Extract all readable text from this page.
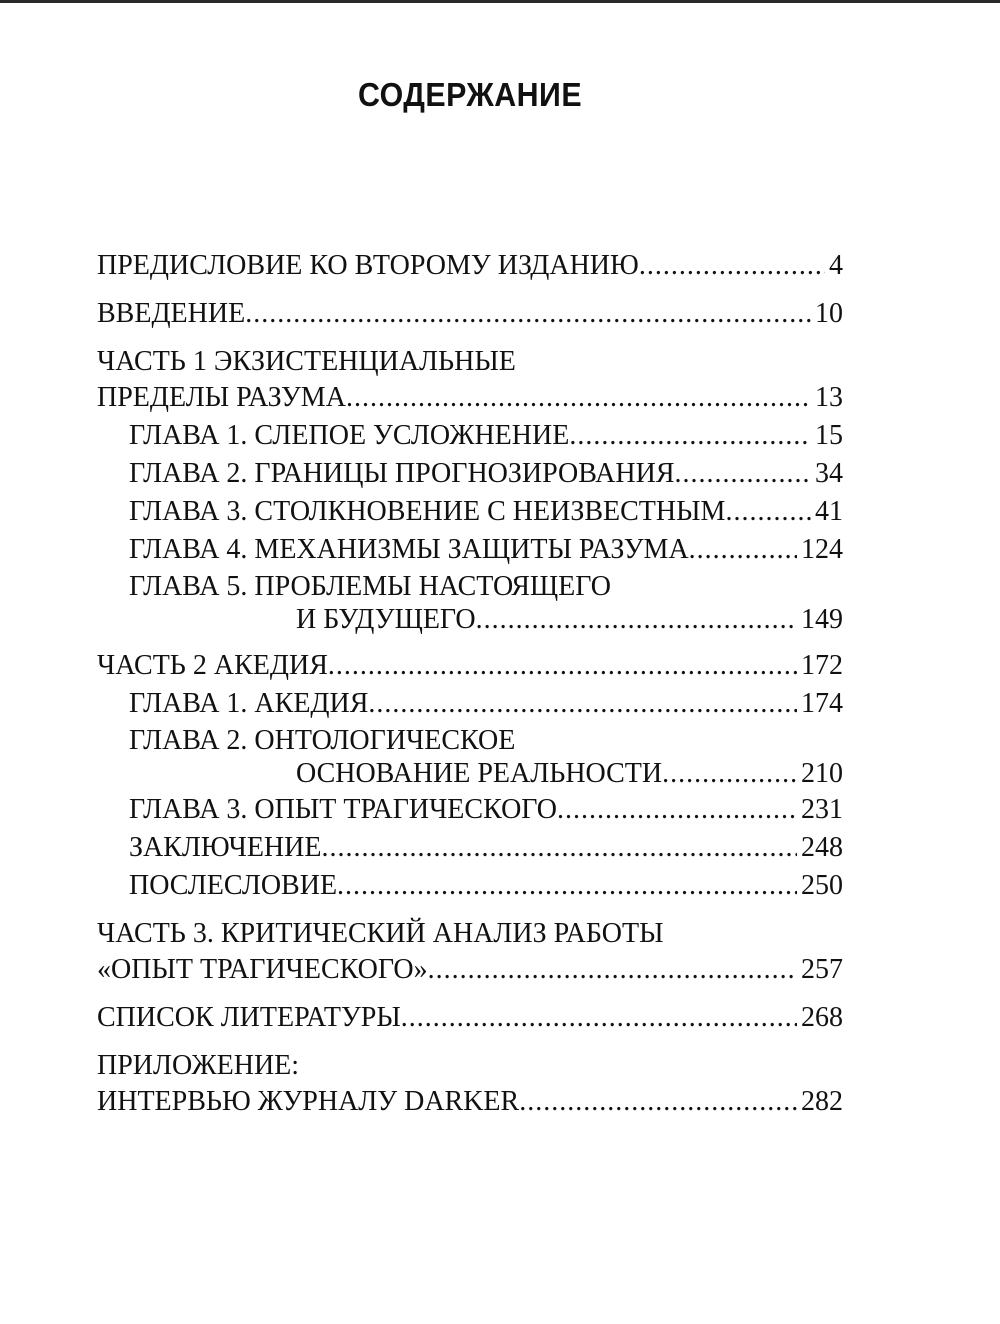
СОДЕРЖАНИЕ
ПРЕДИСЛОВИЕ КО ВТОРОМУ ИЗДАНИЮ .....	4
ВВЕДЕНИЕ .....	10
ЧАСТЬ 1 ЭКЗИСТЕНЦИАЛЬНЫЕ
ПРЕДЕЛЫ РАЗУМА .....	13
ГЛАВА 1. СЛЕПОЕ УСЛОЖНЕНИЕ .....	15
ГЛАВА 2. ГРАНИЦЫ ПРОГНОЗИРОВАНИЯ .....	34
ГЛАВА 3. СТОЛКНОВЕНИЕ С НЕИЗВЕСТНЫМ .....	41
ГЛАВА 4. МЕХАНИЗМЫ ЗАЩИТЫ РАЗУМА .....	124
ГЛАВА 5. ПРОБЛЕМЫ НАСТОЯЩЕГО
И БУДУЩЕГО .....	149
ЧАСТЬ 2 АКЕДИЯ .....	172
ГЛАВА 1. АКЕДИЯ .....	174
ГЛАВА 2. ОНТОЛОГИЧЕСКОЕ
ОСНОВАНИЕ РЕАЛЬНОСТИ .....	210
ГЛАВА 3. ОПЫТ ТРАГИЧЕСКОГО .....	231
ЗАКЛЮЧЕНИЕ .....	248
ПОСЛЕСЛОВИЕ .....	250
ЧАСТЬ 3. КРИТИЧЕСКИЙ АНАЛИЗ РАБОТЫ
«ОПЫТ ТРАГИЧЕСКОГО» .....	257
СПИСОК ЛИТЕРАТУРЫ .....	268
ПРИЛОЖЕНИЕ:
ИНТЕРВЬЮ ЖУРНАЛУ DARKER .....	282
